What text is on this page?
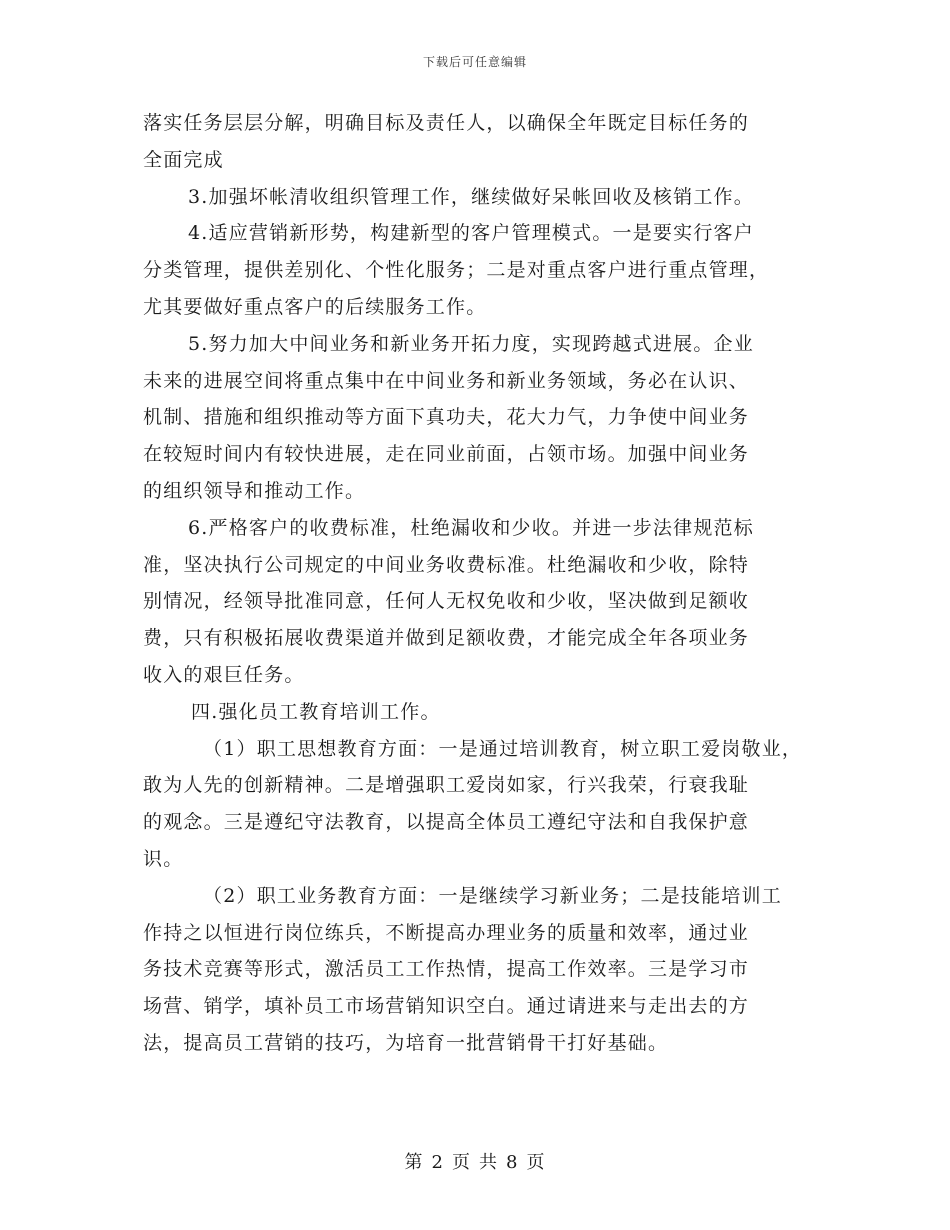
下载后可任意编辑
落实任务层层分解，明确目标及责任人，以确保全年既定目标任务的
全面完成
3.加强坏帐清收组织管理工作，继续做好呆帐回收及核销工作。
4.适应营销新形势，构建新型的客户管理模式。一是要实行客户
分类管理，提供差别化、个性化服务；二是对重点客户进行重点管理，
尤其要做好重点客户的后续服务工作。
5.努力加大中间业务和新业务开拓力度，实现跨越式进展。企业
未来的进展空间将重点集中在中间业务和新业务领域，务必在认识、
机制、措施和组织推动等方面下真功夫，花大力气，力争使中间业务
在较短时间内有较快进展，走在同业前面，占领市场。加强中间业务
的组织领导和推动工作。
6.严格客户的收费标准，杜绝漏收和少收。并进一步法律规范标
准，坚决执行公司规定的中间业务收费标准。杜绝漏收和少收，除特
别情况，经领导批准同意，任何人无权免收和少收，坚决做到足额收
费，只有积极拓展收费渠道并做到足额收费，才能完成全年各项业务
收入的艰巨任务。
四.强化员工教育培训工作。
（1）职工思想教育方面：一是通过培训教育，树立职工爱岗敬业，
敢为人先的创新精神。二是增强职工爱岗如家，行兴我荣，行衰我耻
的观念。三是遵纪守法教育，以提高全体员工遵纪守法和自我保护意
识。
（2）职工业务教育方面：一是继续学习新业务；二是技能培训工
作持之以恒进行岗位练兵，不断提高办理业务的质量和效率，通过业
务技术竞赛等形式，激活员工工作热情，提高工作效率。三是学习市
场营、销学，填补员工市场营销知识空白。通过请进来与走出去的方
法，提高员工营销的技巧，为培育一批营销骨干打好基础。
第 2 页 共 8 页
